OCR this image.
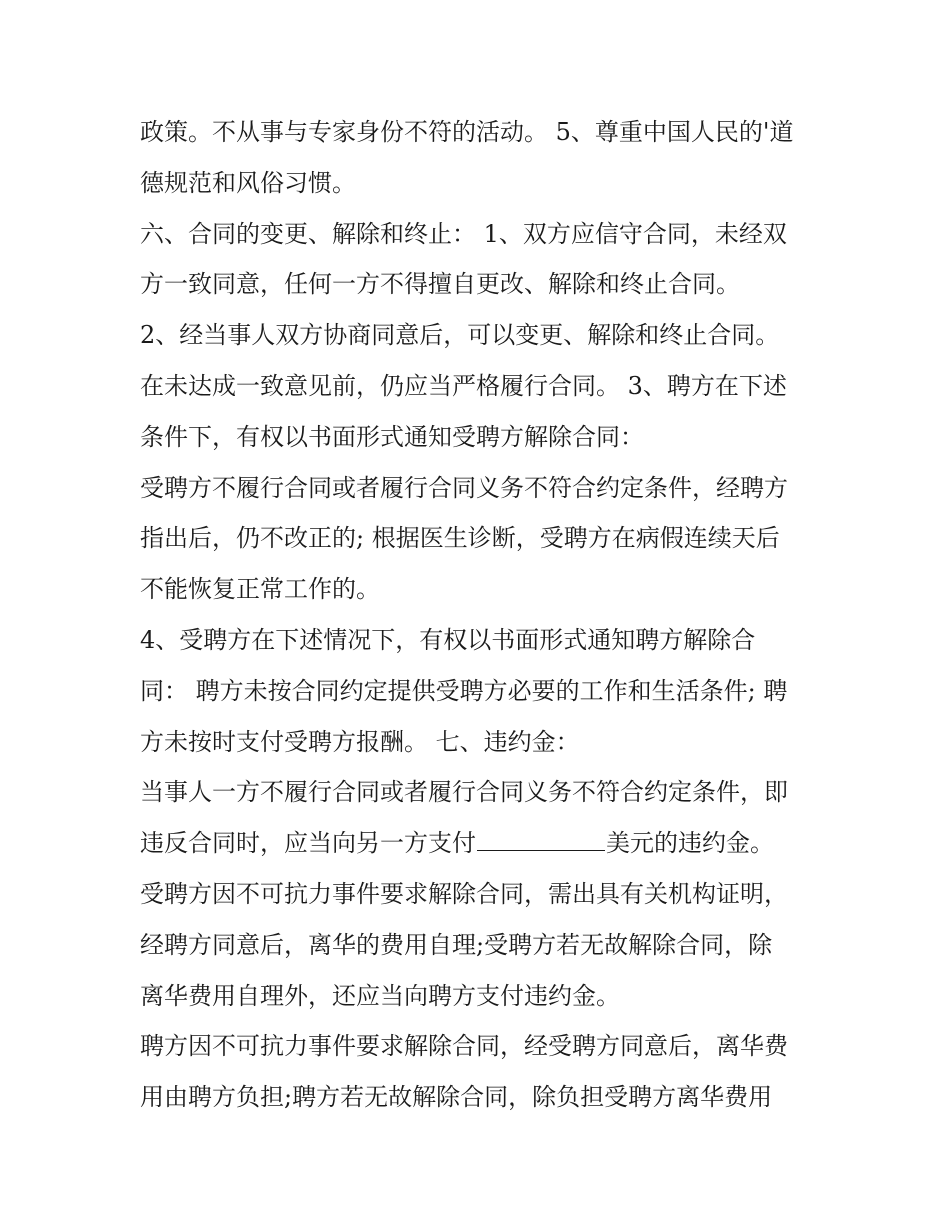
政策。不从事与专家身份不符的活动。 5、尊重中国人民的'道
德规范和风俗习惯。
六、合同的变更、解除和终止： 1、双方应信守合同，未经双
方一致同意，任何一方不得擅自更改、解除和终止合同。
2、经当事人双方协商同意后，可以变更、解除和终止合同。
在未达成一致意见前，仍应当严格履行合同。 3、聘方在下述
条件下，有权以书面形式通知受聘方解除合同：
受聘方不履行合同或者履行合同义务不符合约定条件，经聘方
指出后，仍不改正的; 根据医生诊断，受聘方在病假连续天后
不能恢复正常工作的。
4、受聘方在下述情况下，有权以书面形式通知聘方解除合
同： 聘方未按合同约定提供受聘方必要的工作和生活条件; 聘
方未按时支付受聘方报酬。 七、违约金：
当事人一方不履行合同或者履行合同义务不符合约定条件，即
违反合同时，应当向另一方支付	美元的违约金。
受聘方因不可抗力事件要求解除合同，需出具有关机构证明，
经聘方同意后，离华的费用自理;受聘方若无故解除合同，除
离华费用自理外，还应当向聘方支付违约金。
聘方因不可抗力事件要求解除合同，经受聘方同意后，离华费
用由聘方负担;聘方若无故解除合同，除负担受聘方离华费用
